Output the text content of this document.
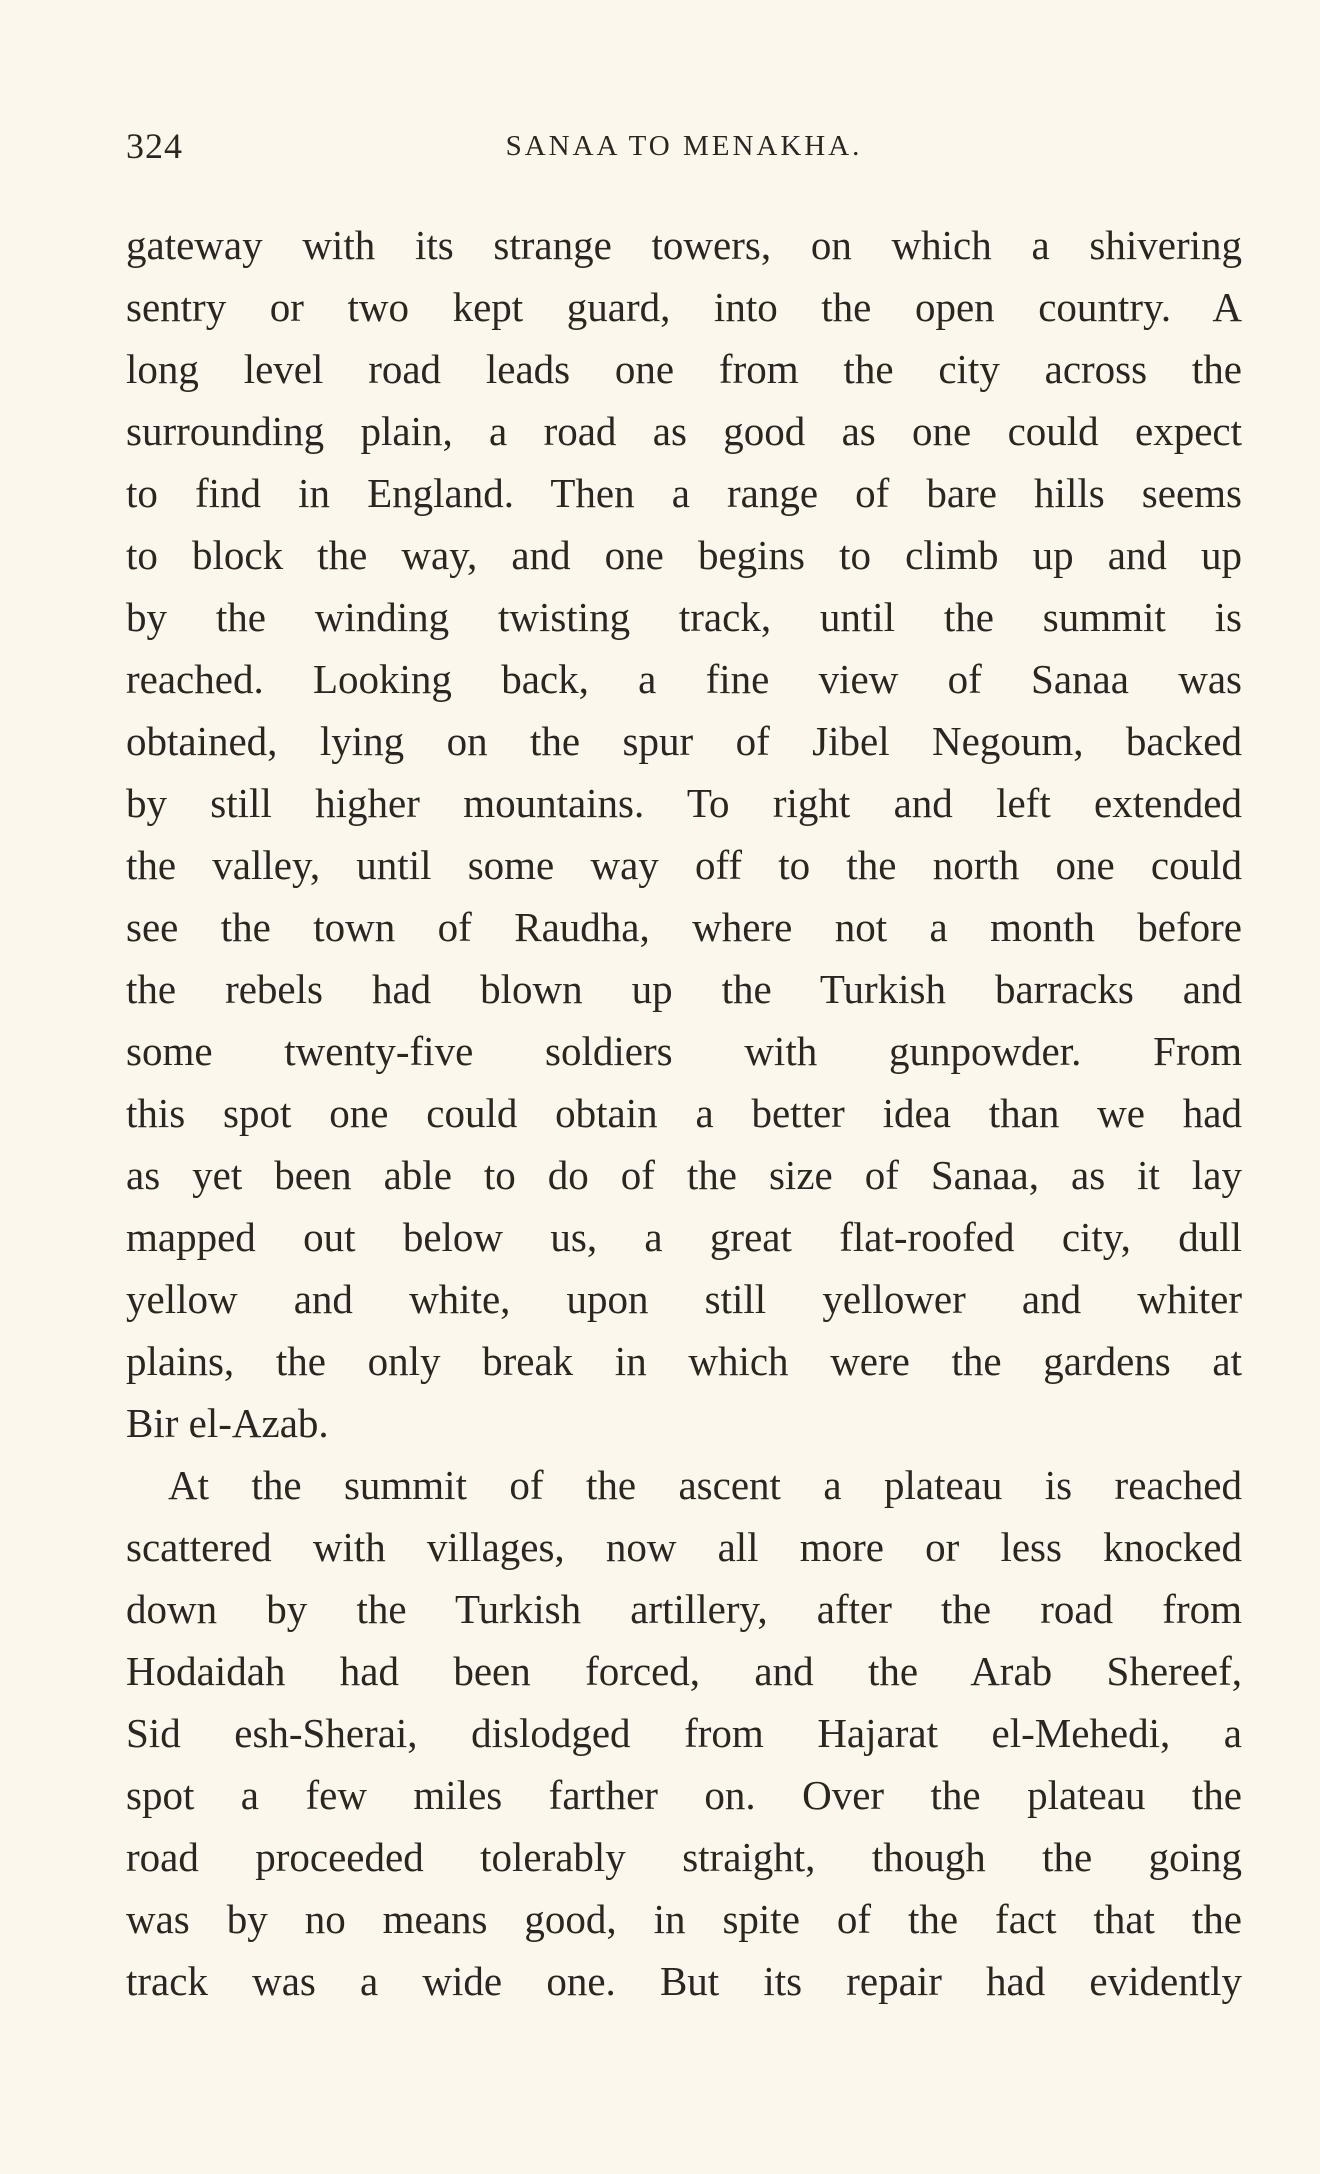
324	SANAA TO MENAKHA.
gateway with its strange towers, on which a shivering
sentry or two kept guard, into the open country. A
long level road leads one from the city across the
surrounding plain, a road as good as one could expect
to find in England. Then a range of bare hills seems
to block the way, and one begins to climb up and up
by the winding twisting track, until the summit is
reached. Looking back, a fine view of Sanaa was
obtained, lying on the spur of Jibel Negoum, backed
by still higher mountains. To right and left extended
the valley, until some way off to the north one could
see the town of Raudha, where not a month before
the rebels had blown up the Turkish barracks and
some twenty-five soldiers with gunpowder. From
this spot one could obtain a better idea than we had
as yet been able to do of the size of Sanaa, as it lay
mapped out below us, a great flat-roofed city, dull
yellow and white, upon still yellower and whiter
plains, the only break in which were the gardens at
Bir el-Azab.
At the summit of the ascent a plateau is reached
scattered with villages, now all more or less knocked
down by the Turkish artillery, after the road from
Hodaidah had been forced, and the Arab Shereef,
Sid esh-Sherai, dislodged from Hajarat el-Mehedi, a
spot a few miles farther on. Over the plateau the
road proceeded tolerably straight, though the going
was by no means good, in spite of the fact that the
track was a wide one. But its repair had evidently
